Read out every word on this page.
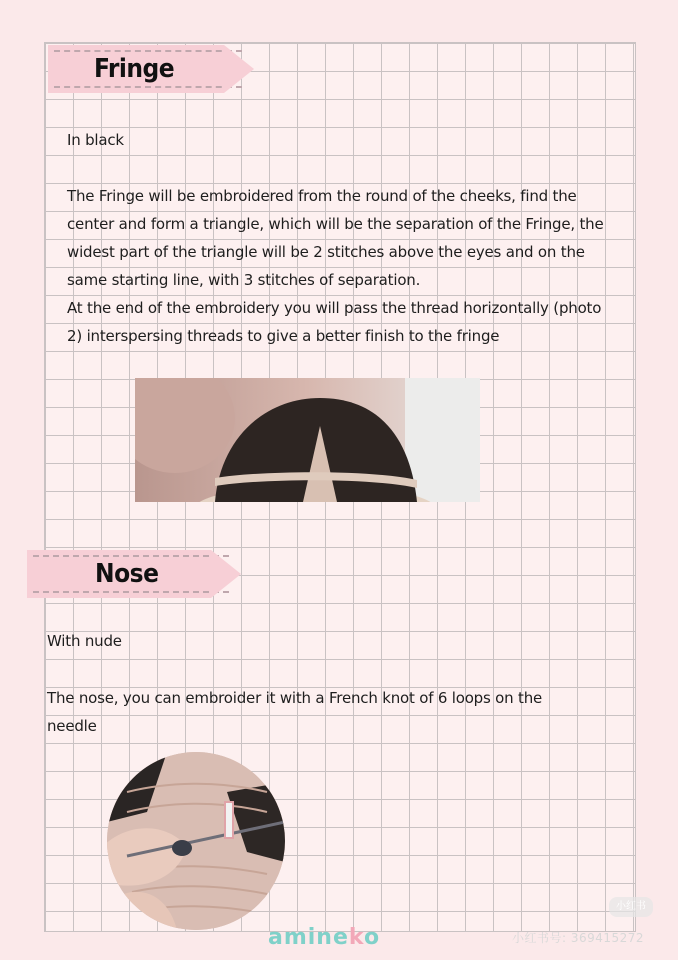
Fringe
In black
The Fringe will be embroidered from the round of the cheeks, find the center and form a triangle, which will be the separation of the Fringe, the widest part of the triangle will be 2 stitches above the eyes and on the same starting line, with 3 stitches of separation.
At the end of the embroidery you will pass the thread horizontally (photo 2) interspersing threads to give a better finish to the fringe
Nose
With nude
The nose, you can embroider it with a French knot of 6 loops on the needle
小红书
amineko	小红书号: 369415272
